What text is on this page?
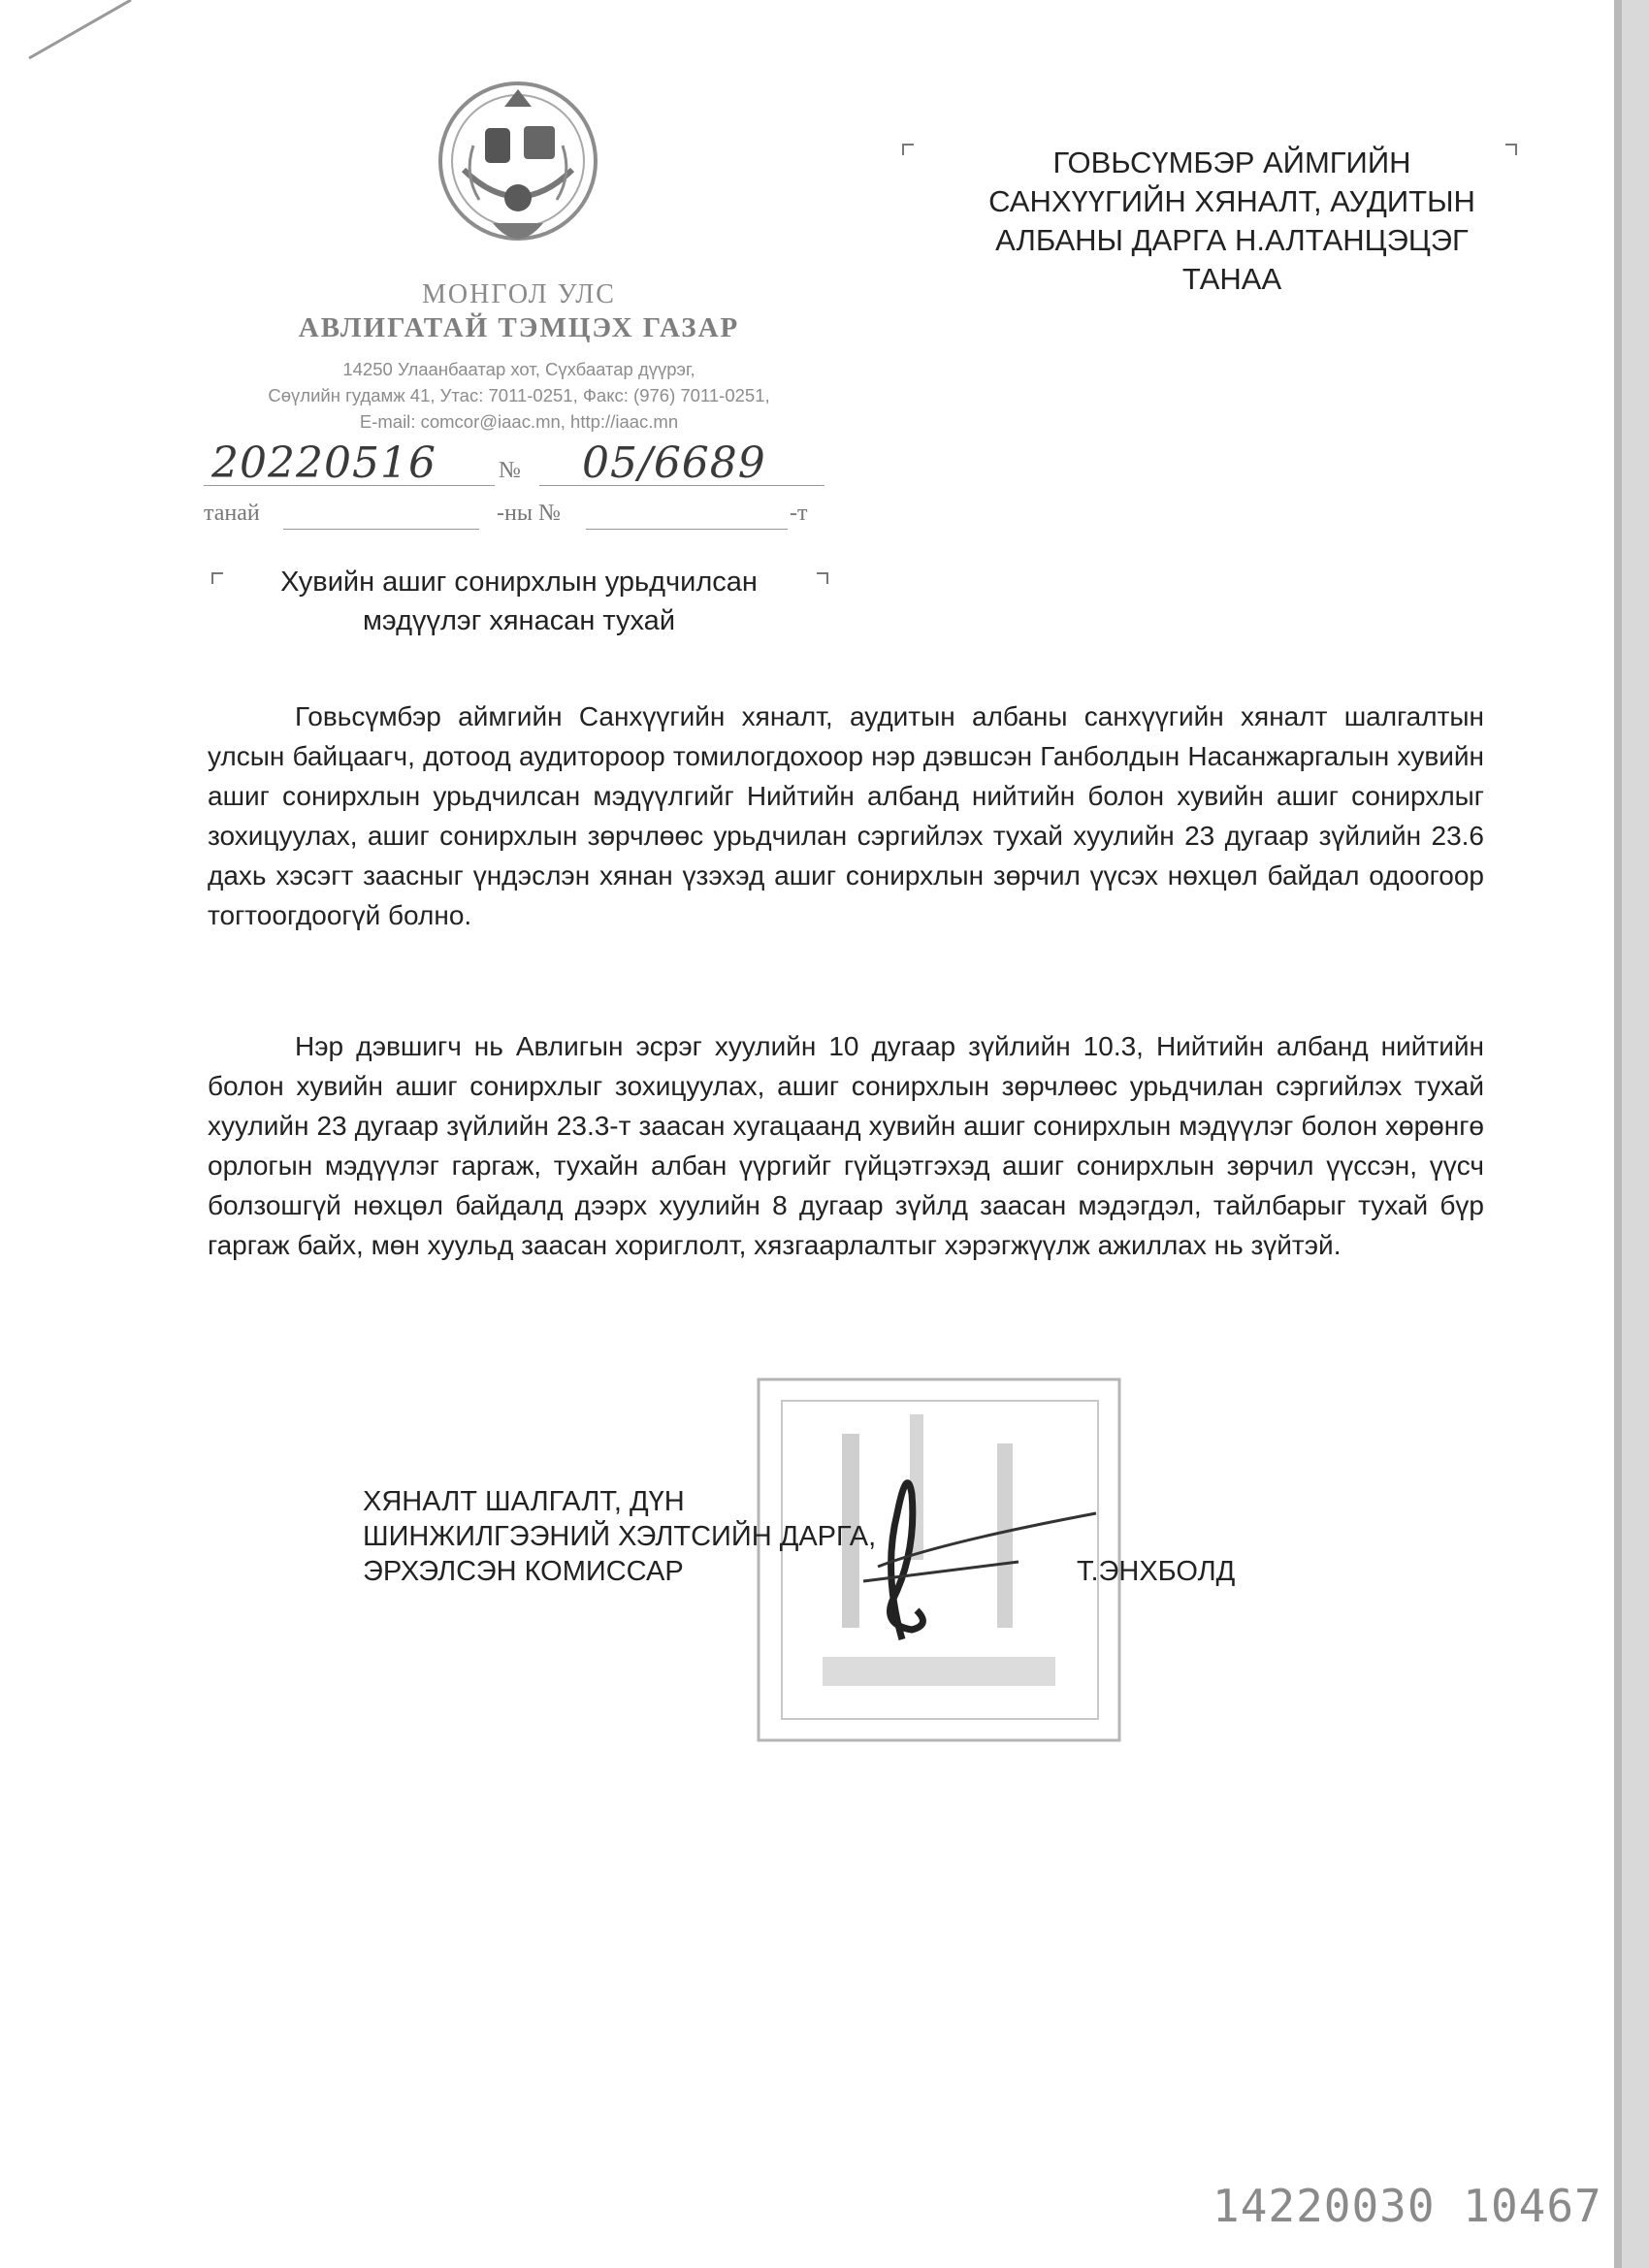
МОНГОЛ УЛС
АВЛИГАТАЙ ТЭМЦЭХ ГАЗАР
14250 Улаанбаатар хот, Сүхбаатар дүүрэг,
Сөүлийн гудамж 41, Утас: 7011-0251, Факс: (976) 7011-0251,
E-mail: comcor@iaac.mn, http://iaac.mn
20220516	№ 05/6689
танай	-ны №	-т
Хувийн ашиг сонирхлын урьдчилсан
мэдүүлэг хянасан тухай
ГОВЬСҮМБЭР АЙМГИЙН
САНХҮҮГИЙН ХЯНАЛТ, АУДИТЫН
АЛБАНЫ ДАРГА Н.АЛТАНЦЭЦЭГ
ТАНАА

Говьсүмбэр аймгийн Санхүүгийн хяналт, аудитын албаны санхүүгийн хяналт шалгалтын улсын байцаагч, дотоод аудитороор томилогдохоор нэр дэвшсэн Ганболдын Насанжаргалын хувийн ашиг сонирхлын урьдчилсан мэдүүлгийг Нийтийн албанд нийтийн болон хувийн ашиг сонирхлыг зохицуулах, ашиг сонирхлын зөрчлөөс урьдчилан сэргийлэх тухай хуулийн 23 дугаар зүйлийн 23.6 дахь хэсэгт заасныг үндэслэн хянан үзэхэд ашиг сонирхлын зөрчил үүсэх нөхцөл байдал одоогоор тогтоогдоогүй болно.

Нэр дэвшигч нь Авлигын эсрэг хуулийн 10 дугаар зүйлийн 10.3, Нийтийн албанд нийтийн болон хувийн ашиг сонирхлыг зохицуулах, ашиг сонирхлын зөрчлөөс урьдчилан сэргийлэх тухай хуулийн 23 дугаар зүйлийн 23.3-т заасан хугацаанд хувийн ашиг сонирхлын мэдүүлэг болон хөрөнгө орлогын мэдүүлэг гаргаж, тухайн албан үүргийг гүйцэтгэхэд ашиг сонирхлын зөрчил үүссэн, үүсч болзошгүй нөхцөл байдалд дээрх хуулийн 8 дугаар зүйлд заасан мэдэгдэл, тайлбарыг тухай бүр гаргаж байх, мөн хуульд заасан хориглолт, хязгаарлалтыг хэрэгжүүлж ажиллах нь зүйтэй.

ХЯНАЛТ ШАЛГАЛТ, ДҮН
ШИНЖИЛГЭЭНИЙ ХЭЛТСИЙН ДАРГА,
ЭРХЭЛСЭН КОМИССАР	Т.ЭНХБОЛД
14220030 10467
